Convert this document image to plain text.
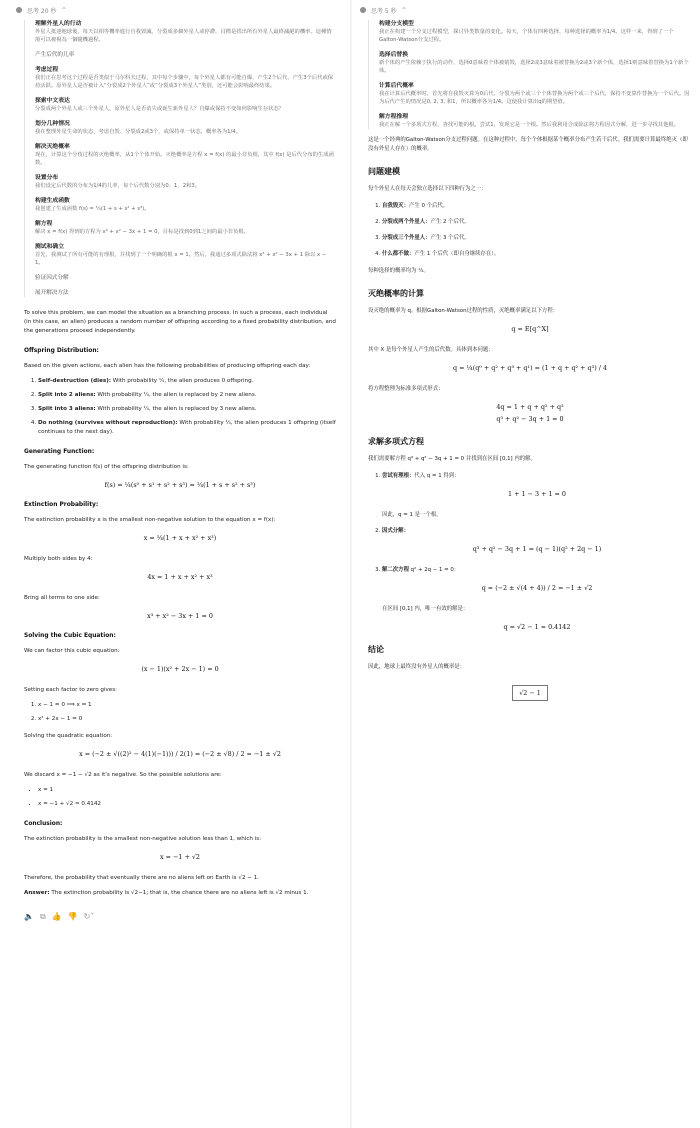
思考 20 秒 ^
理解外星人的行动
外星人抵達地球後，每天以相等機率進行自我毀滅、分裂成多個外星人或停滯，目標是找出所有外星人最終滅絕的機率。這種情境可以被視為一個隨機過程。
产生后代的几率
考虑过程
我们正在思考这个过程是否类似于马尔科夫过程，其中每个步骤中，每个外星人都有可能自爆、产生2个后代、产生3个后代或保持活跃。原外星人是否被计入“分裂成2个外星人”或“分裂成3个外星人”类别，还可能会影响最终结果。
探索中文表达
分裂成两个外星人或三个外星人，原外星人是否消失或诞生新外星人？自爆或保持不变如何影响生存状态？
划分几种情况
我在整理外星生命的状态，考虑自毁、分裂成2或3个、或保持单一状态，概率各为1/4。
解决灭绝概率
现在，计算这个分枝过程的灭绝概率，从1个个体开始。灭绝概率是方程 x = f(x) 的最小非负根，其中 f(x) 是后代分布的生成函数。
设置分布
我们设定后代数的分布为1/4的几率，每个后代数分别为0、1、2和3。
构建生成函数
我创建了生成函数 f(s) = ¼(1 + s + s² + s³)。
解方程
解决 x = f(x) 得到的方程为 x³ + x² − 3x + 1 = 0，目标是找到0到1之间的最小非负根。
测试和确立
首先，我测试了所有可能的有理根，并找到了一个明确的根 x = 1。然后，我通过多项式除法将 x³ + x² − 3x + 1 除以 x − 1。
验证因式分解
展开解决方法

To solve this problem, we can model the situation as a branching process. In such a process, each individual (in this case, an alien) produces a random number of offspring according to a fixed probability distribution, and the generations proceed independently.

Offspring Distribution:

Based on the given actions, each alien has the following probabilities of producing offspring each day:

1. Self-destruction (dies): With probability ¼, the alien produces 0 offspring.
2. Split into 2 aliens: With probability ¼, the alien is replaced by 2 new aliens.
3. Split into 3 aliens: With probability ¼, the alien is replaced by 3 new aliens.
4. Do nothing (survives without reproduction): With probability ¼, the alien produces 1 offspring (itself continues to the next day).
Generating Function:

The generating function f(s) of the offspring distribution is:

f(s) = ¼(s⁰ + s¹ + s² + s³) = ¼(1 + s + s² + s³)
Extinction Probability:

The extinction probability x is the smallest non-negative solution to the equation x = f(x):

x = ¼(1 + x + x² + x³)

Multiply both sides by 4:

4x = 1 + x + x² + x³

Bring all terms to one side:

x³ + x² − 3x + 1 = 0
Solving the Cubic Equation:

We can factor this cubic equation:

(x − 1)(x² + 2x − 1) = 0

Setting each factor to zero gives:

1. x − 1 = 0 ⟹ x = 1
2. x² + 2x − 1 = 0

Solving the quadratic equation:

x = (−2 ± √((2)² − 4(1)(−1))) / 2(1) = (−2 ± √8) / 2 = −1 ± √2

We discard x = −1 − √2 as it's negative. So the possible solutions are:

• x = 1
• x = −1 + √2 ≈ 0.4142
Conclusion:

The extinction probability is the smallest non-negative solution less than 1, which is:

x = −1 + √2

Therefore, the probability that eventually there are no aliens left on Earth is √2 − 1.

Answer: The extinction probability is √2−1; that is, the chance there are no aliens left is √2 minus 1.

🔈 ⧉ 👍 👎 ↻˅
思考 5 秒 ^
构建分支模型
我正在构建一个分支过程模型，探讨异类数量的变化。每天，个体有四种选择，每种选择的概率为1/4。这样一来，得到了一个Galton-Watson分支过程。
选择后替换
新个体的产生依赖于执行的动作，选择0意味着个体被销毁，选择2或3意味着被替换为2或3个新个体，选择1则意味着替换为1个新个体。
计算后代概率
我在计算后代概率时，首先将自我毁灭算为0后代，分裂为两个或三个个体替换为两个或三个后代，保持不变算作替换为一个后代。因为后代产生的情况是0, 2, 3, 和1，所以概率各为1/4。这使我计算出q的期望值。
解方程推理
我正在解一个多项式方程，查找可能的根。尝试1，发现它是一个根。然后我利用合成除法将方程因式分解，进一步寻找其他根。

这是一个经典的Galton-Watson分支过程问题。在这种过程中，每个个体根据某个概率分布产生若干后代。我们需要计算最终绝灭（即没有外星人存在）的概率。

问题建模

每个外星人在每天会独立选择以下四种行为之一：

1. 自我毁灭：产生 0 个后代。
2. 分裂成两个外星人：产生 2 个后代。
3. 分裂成三个外星人：产生 3 个后代。
4. 什么都不做：产生 1 个后代（即自身继续存在）。

每种选择的概率均为 ¼。

灭绝概率的计算

设灭绝的概率为 q。根据Galton-Watson过程的性质，灭绝概率满足以下方程：

q = E[q^X]

其中 X 是每个外星人产生的后代数。具体到本问题：

q = ¼(q⁰ + q² + q³ + q¹) = (1 + q + q² + q³) / 4

将方程整理为标准多项式形式：

4q = 1 + q + q² + q³
q³ + q² − 3q + 1 = 0
求解多项式方程

我们需要解方程 q³ + q² − 3q + 1 = 0 并找到在区间 [0,1] 内的解。

1. 尝试有理根：代入 q = 1 得到：
1 + 1 − 3 + 1 = 0
因此，q = 1 是一个根。
2. 因式分解：
q³ + q² − 3q + 1 = (q − 1)(q² + 2q − 1)
3. 解二次方程 q² + 2q − 1 = 0：
q = (−2 ± √(4 + 4)) / 2 = −1 ± √2
在区间 [0,1] 内，唯一有效的解是：
q = √2 − 1 ≈ 0.4142
结论

因此，地球上最终没有外星人的概率是：

√2 − 1
